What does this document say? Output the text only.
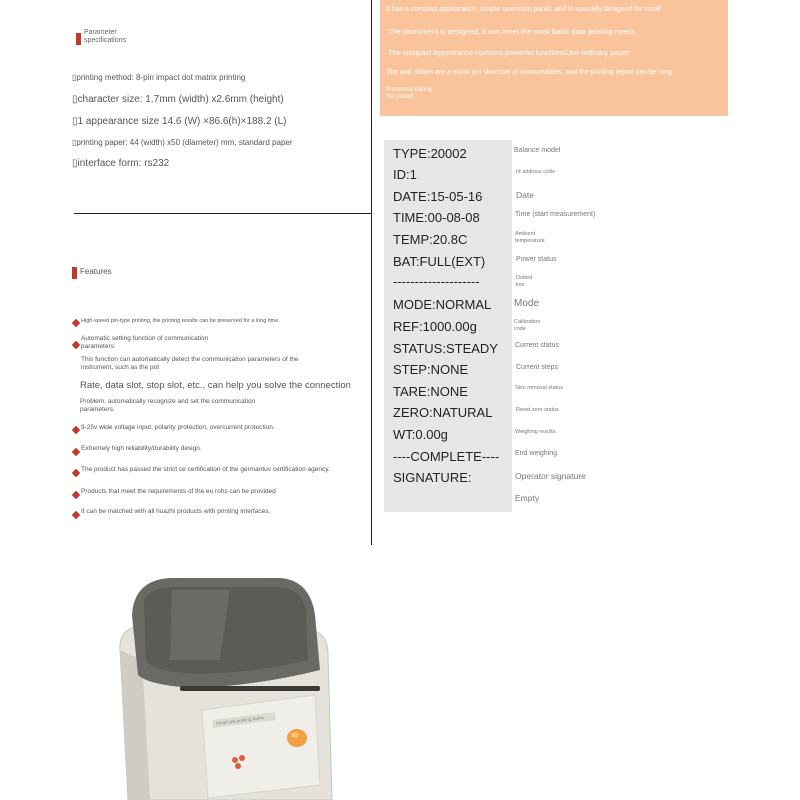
Parameter
specifications
▯printing method: 8-pin impact dot matrix printing
▯character size: 1.7mm (width) x2.6mm (height)
▯1 appearance size 14.6 (W) ×86.6(h)×188.2 (L)
▯printing paper: 44 (width) x50 (diameter) mm, standard paper
▯interface form: rs232
It has a compact appearance, simple operation panel, and is specially designed for small
The instrument is designed, it can meet the most basic data printing needs.
The compact appearance contains powerful functionsUse ordinary paper
The and ribbon are a micro pin structure of consumables, and the printing report can be long
Preserved during
the period.
TYPE:20002
ID:1
DATE:15-05-16
TIME:00-08-08
TEMP:20.8C
BAT:FULL(EXT)
--------------------
MODE:NORMAL
REF:1000.00g
STATUS:STEADY
STEP:NONE
TARE:NONE
ZERO:NATURAL
WT:0.00g
----COMPLETE----
SIGNATURE:
Balance model
Id address code
Date
Time (start measurement)
Ambient
temperature
Power status
Dotted
line
Mode
Calibration
code
Current status
Current steps
Skin removal status
Reset zero status
Weighing results
End weighing
Operator signature
Empty
Features
High-speed pin-type printing, the printing results can be preserved for a long time.
Automatic setting function of communication
parameters:
This function can automatically detect the communication parameters of the
instrument, such as the pot
Rate, data slot, stop slot, etc., can help you solve the connection
Problem, automatically recognize and set the communication
parameters.
9-25v wide voltage input, polarity protection, overcurrent protection.
Extremely high reliability/durability design.
The product has passed the strict ce certification of the germantuv certification agency.
Products that meet the requirements of the eu rohs can be provided
It can be matched with all huazhi products with printing interfaces.
Small unit printing frame
